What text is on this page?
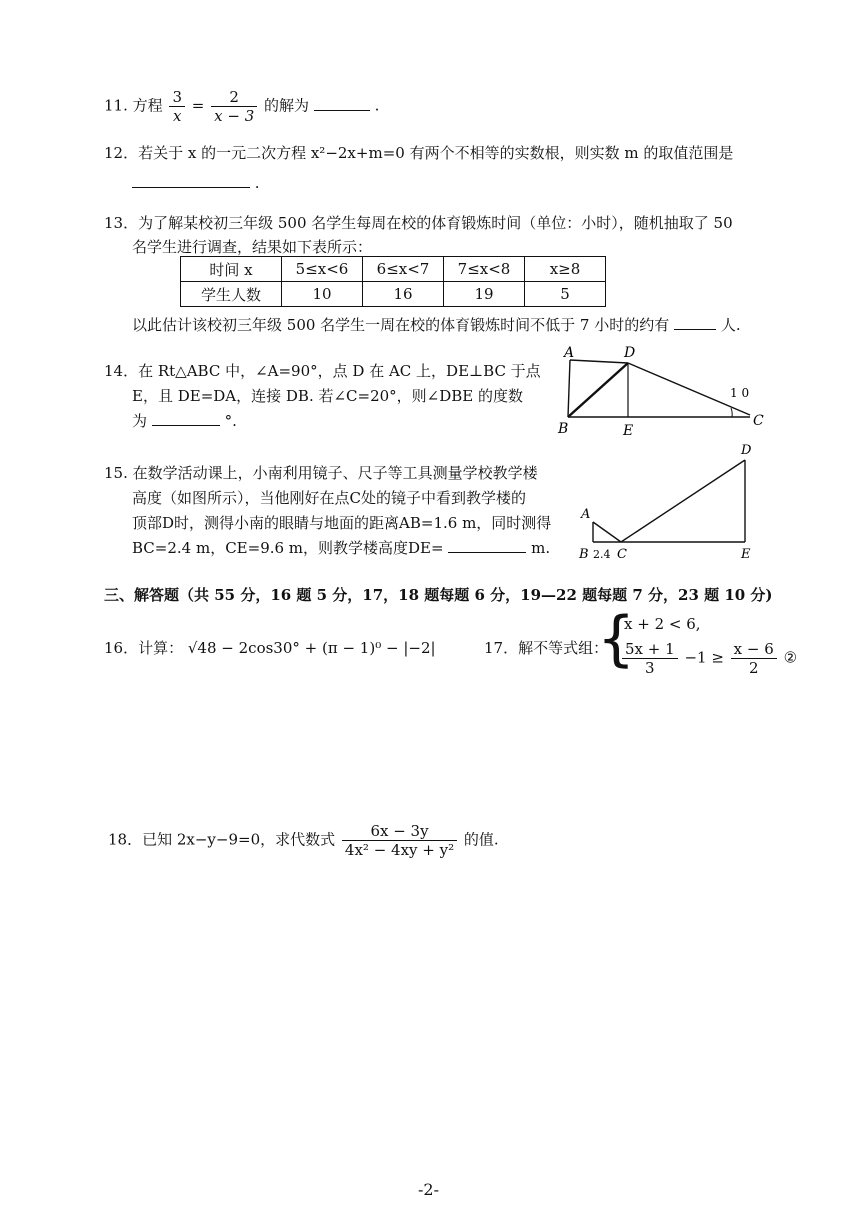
11. 方程 $\frac{3}{x} = \frac{2}{x - 3}$ 的解为	.
12．若关于 x 的一元二次方程 x²−2x+m=0 有两个不相等的实数根，则实数 m 的取值范围是
.
13．为了解某校初三年级 500 名学生每周在校的体育锻炼时间（单位：小时），随机抽取了 50
名学生进行调查，结果如下表所示：
时间 x	5≤x<6	6≤x<7	7≤x<8	x≥8
学生人数	10	16	19	5
以此估计该校初三年级 500 名学生一周在校的体育锻炼时间不低于 7 小时的约有	人.
14．在 Rt△ABC 中，∠A=90°，点 D 在 AC 上，DE⊥BC 于点
E，且 DE=DA，连接 DB. 若∠C=20°，则∠DBE 的度数
为	°.
A	D
B	E
C
1 0
15. 在数学活动课上，小南利用镜子、尺子等工具测量学校教学楼
高度（如图所示），当他刚好在点C处的镜子中看到教学楼的
顶部D时，测得小南的眼睛与地面的距离AB=1.6 m，同时测得
BC=2.4 m，CE=9.6 m，则教学楼高度DE=	m.
A
B 2.4 C
D
E
三、解答题（共 55 分，16 题 5 分，17，18 题每题 6 分，19—22 题每题 7 分，23 题 10 分)
16．计算： √48 − 2cos30° + (π − 1)⁰ − |−2|	17．解不等式组：
{
x + 2 < 6,
$\frac{5x + 1}{3} -1 \ge \frac{x - 6}{2}$ ②
18．已知 2x−y−9=0，求代数式 $\frac{6x - 3y}{\text{4x² − 4xy + y²}}$ 的值.
-2-
